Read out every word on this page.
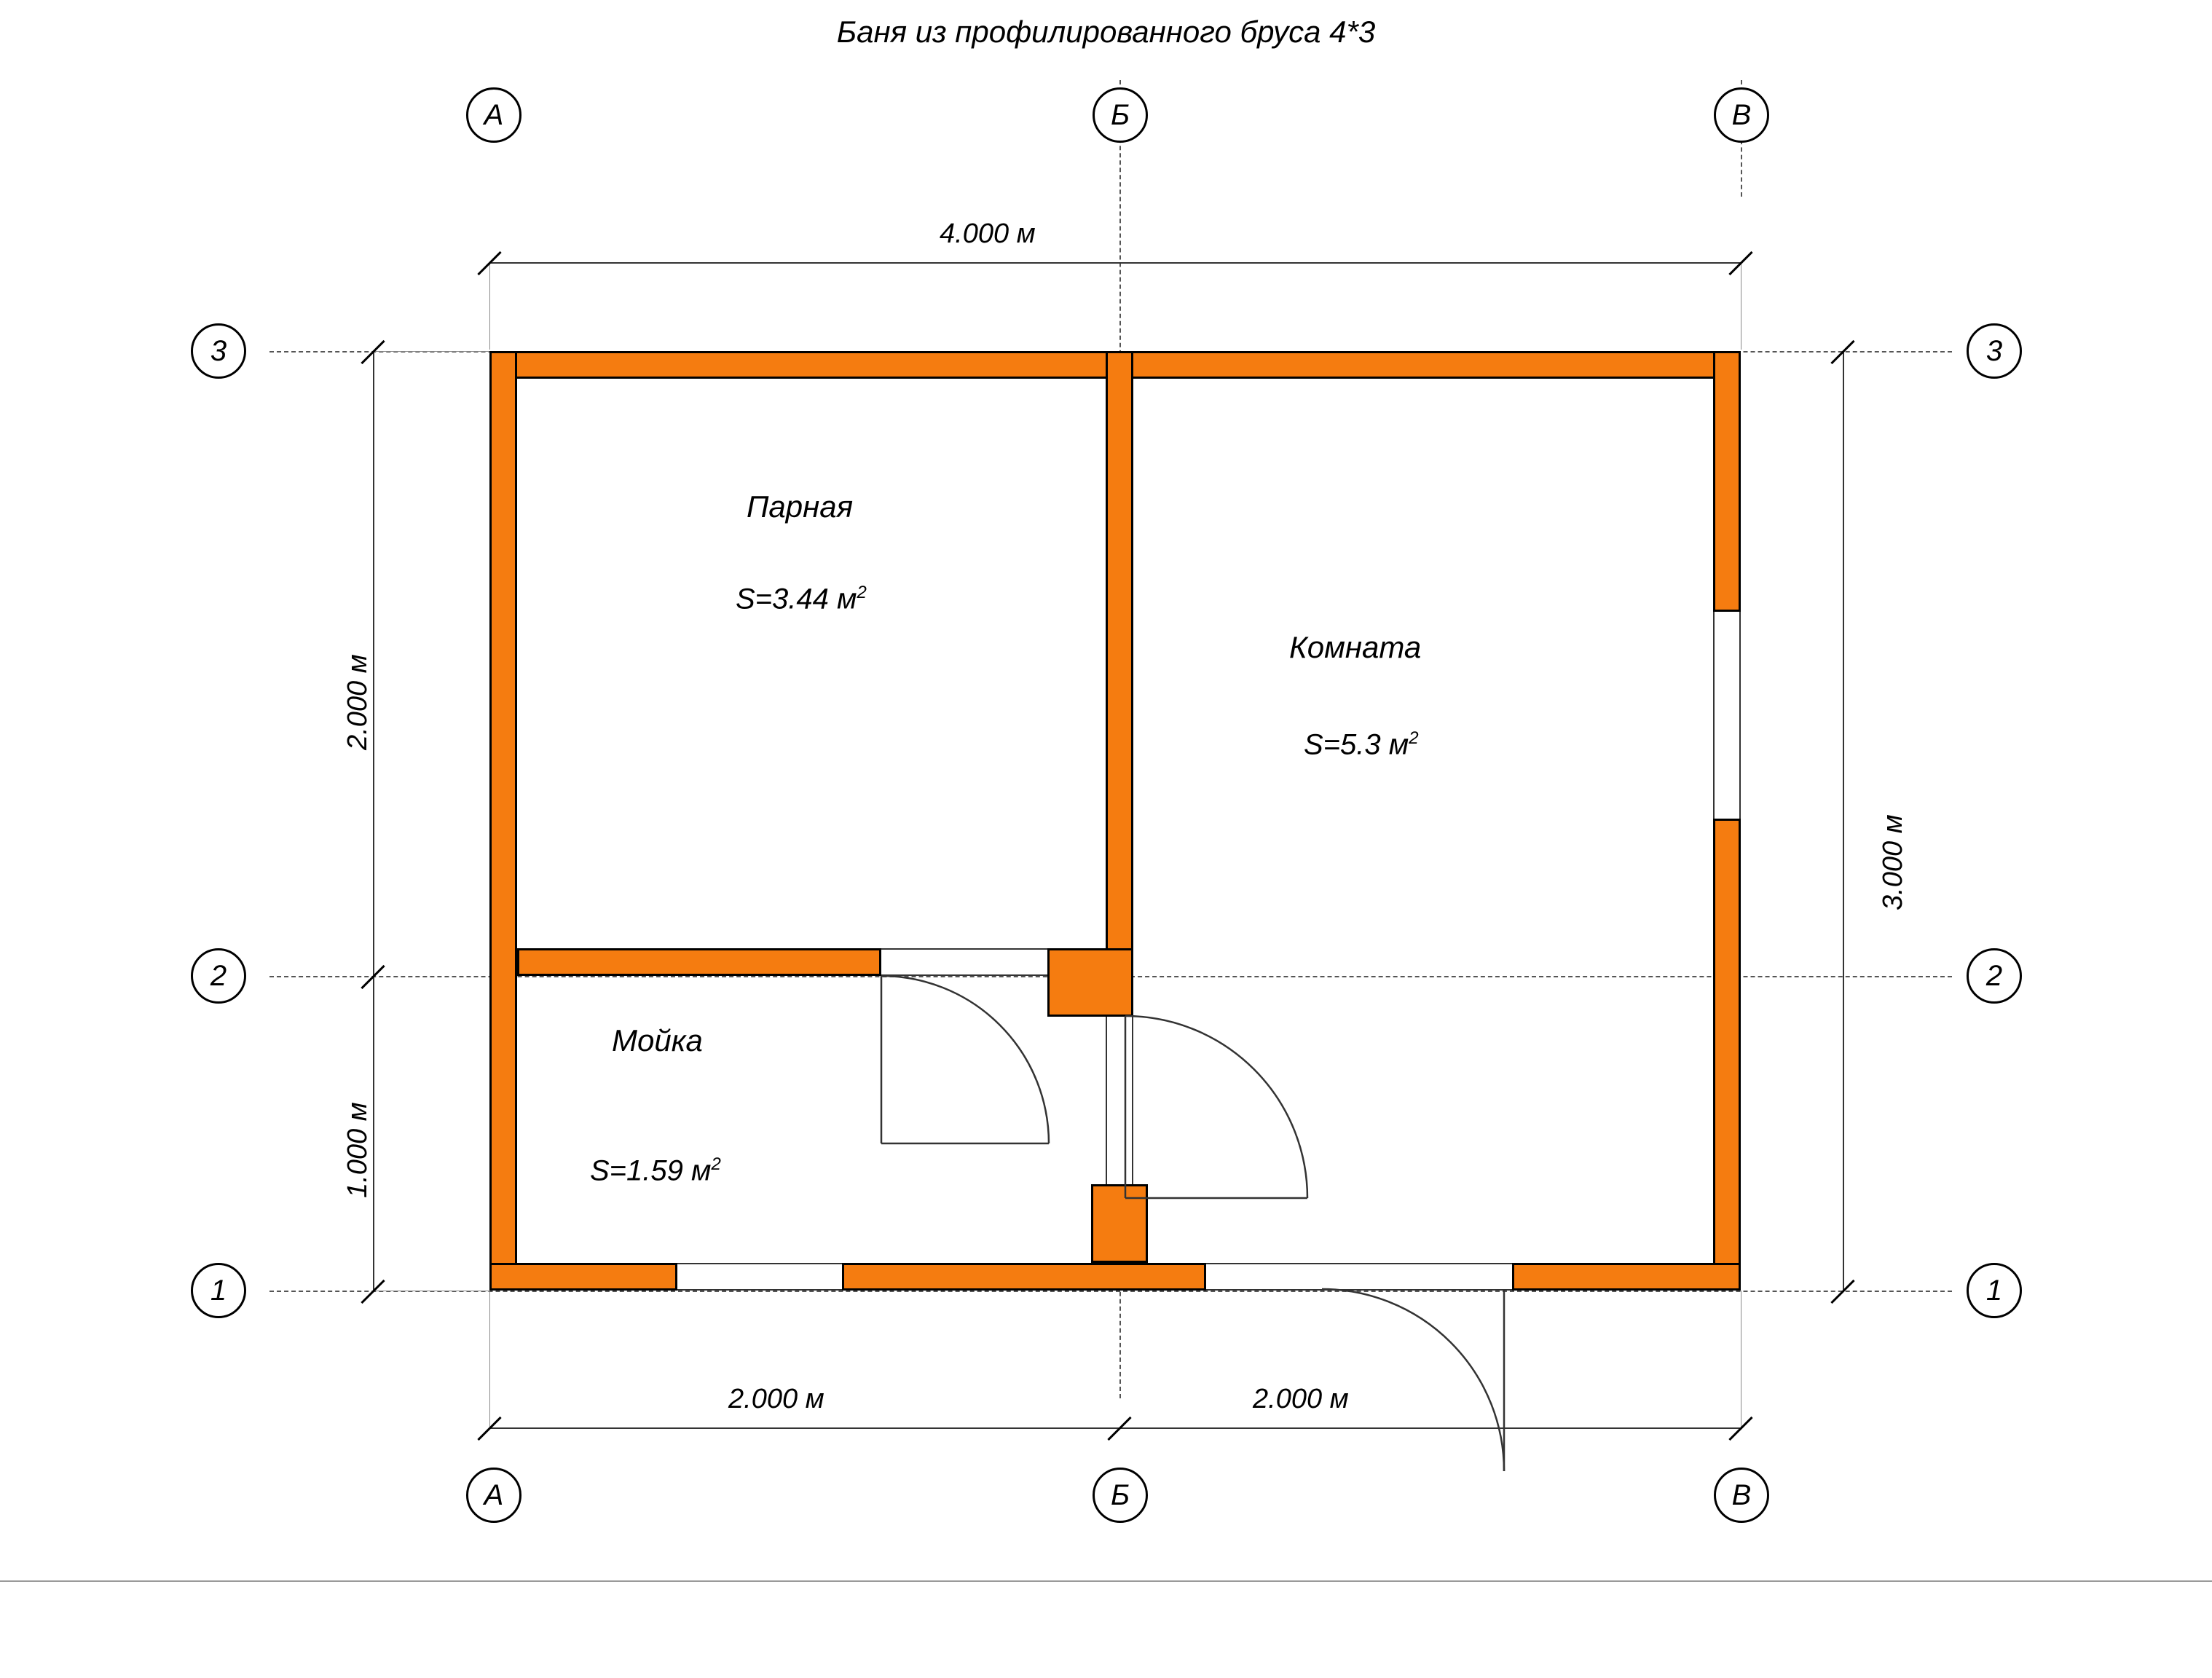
Баня из профилированного бруса 4*3
А	Б	В
А	Б	В
3
2
1
3
2
1
4.000 м
2.000 м	2.000 м
2.000 м
1.000 м
3.000 м
Парная
S=3.44 $м^2$
Комната
S=5.3 $м^2$
Мойка
S=1.59 $м^2$
